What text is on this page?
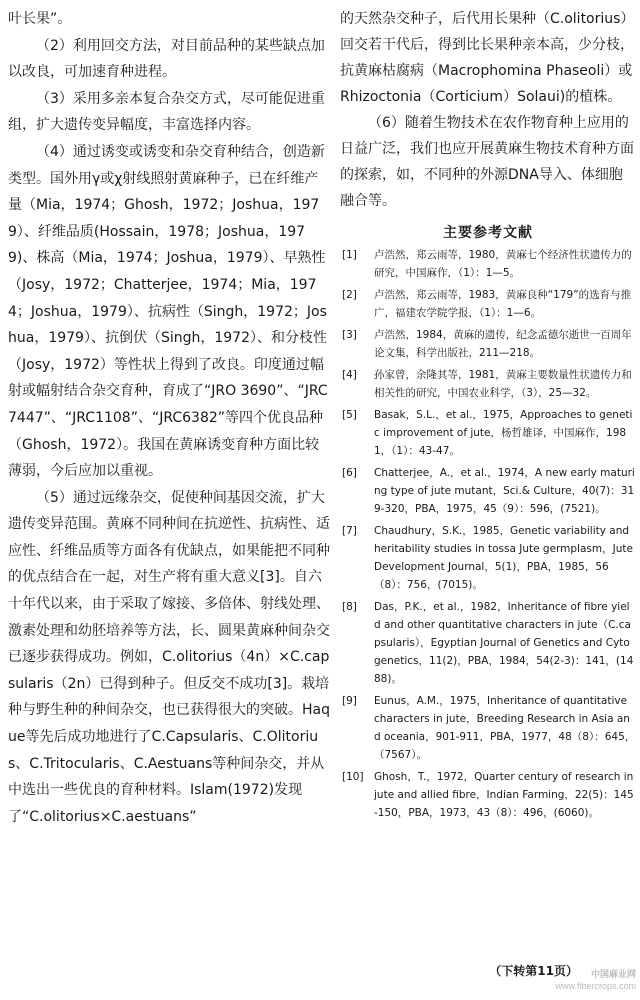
叶长果”。

（2）利用回交方法，对目前品种的某些缺点加以改良，可加速育种进程。

（3）采用多亲本复合杂交方式，尽可能促进重组，扩大遗传变异幅度，丰富选择内容。

（4）通过诱变或诱变和杂交育种结合，创造新类型。国外用γ或χ射线照射黄麻种子，已在纤维产量（Mia，1974；Ghosh，1972；Joshua，1979）、纤维品质(Hossain，1978；Joshua，1979)、株高（Mia，1974；Joshua，1979）、早熟性（Josy，1972；Chatterjee，1974；Mia，1974；Joshua，1979）、抗病性（Singh，1972；Joshua，1979）、抗倒伏（Singh，1972）、和分枝性（Josy，1972）等性状上得到了改良。印度通过幅射或幅射结合杂交育种，育成了“JRO 3690”、“JRC7447”、“JRC1108”、“JRC6382”等四个优良品种（Ghosh，1972）。我国在黄麻诱变育种方面比较薄弱，今后应加以重视。

（5）通过远缘杂交，促使种间基因交流，扩大遗传变异范围。黄麻不同种间在抗逆性、抗病性、适应性、纤维品质等方面各有优缺点，如果能把不同种的优点结合在一起，对生产将有重大意义[3]。自六十年代以来，由于采取了嫁接、多倍体、射线处理、激素处理和幼胚培养等方法，长、圆果黄麻种间杂交已逐步获得成功。例如，C.olitorius（4n）×C.capsularis（2n）已得到种子。但反交不成功[3]。栽培种与野生种的种间杂交，也已获得很大的突破。Haque等先后成功地进行了C.Capsularis、C.Olitorius、C.Tritocularis、C.Aestuans等种间杂交，并从中选出一些优良的育种材料。Islam(1972)发现了“C.olitorius×C.aestuans”

的天然杂交种子，后代用长果种（C.olitorius）回交若干代后，得到比长果种亲本高，少分枝，抗黄麻枯腐病（Macrophomina Phaseoli）或Rhizoctonia（Corticium）Solaui)的植株。

（6）随着生物技术在农作物育种上应用的日益广泛，我们也应开展黄麻生物技术育种方面的探索，如，不同种的外源DNA导入、体细胞融合等。

主要参考文献
[1] 卢浩然，郑云雨等，1980，黄麻七个经济性状遗传力的研究，中国麻作，（1）：1—5。
[2] 卢浩然，郑云雨等，1983，黄麻良种“179”的选育与推广，福建农学院学报，（1）：1—6。
[3] 卢浩然，1984，黄麻的遗传，纪念孟德尔逝世一百周年论文集，科学出版社，211—218。
[4] 孙家曾，余隆其等，1981，黄麻主要数量性状遗传力和相关性的研究，中国农业科学，（3），25—32。
[5] Basak，S.L.，et al.，1975，Approaches to genetic improvement of jute，杨哲雄译，中国麻作，1981，（1）：43-47。
[6] Chatterjee，A.，et al.，1974，A new early maturing type of jute mutant，Sci.& Culture，40(7)：319-320，PBA，1975，45（9）：596，(7521)。
[7] Chaudhury，S.K.，1985，Genetic variability and heritability studies in tossa Jute germplasm，Jute Development Journal，5(1)，PBA，1985，56（8）：756，(7015)。
[8] Das，P.K.，et al.，1982，Inheritance of fibre yield and other quantitative characters in jute（C.capsularis），Egyptian Journal of Genetics and Cytogenetics，11(2)，PBA，1984，54(2-3)：141，(1488)。
[9] Eunus，A.M.，1975，Inheritance of quantitative characters in jute，Breeding Research in Asia and oceania，901-911，PBA，1977，48（8）：645，（7567）。
[10] Ghosh，T.，1972，Quarter century of research in jute and allied fibre，Indian Farming，22(5)：145-150，PBA，1973，43（8）：496，(6060)。
（下转第11页）	中国麻业网
www.fibercrops.com
